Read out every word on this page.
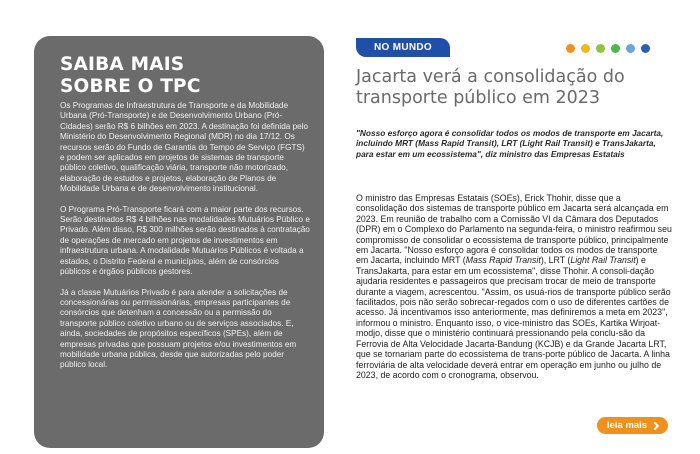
SAIBA MAIS
SOBRE O TPC

Os Programas de Infraestrutura de Transporte e da Mobilidade Urbana (Pró-Transporte) e de Desenvolvimento Urbano (Pró-Cidades) serão R$ 6 bilhões em 2023. A destinação foi definida pelo Ministério do Desenvolvimento Regional (MDR) no dia 17/12. Os recursos serão do Fundo de Garantia do Tempo de Serviço (FGTS) e podem ser aplicados em projetos de sistemas de transporte público coletivo, qualificação viária, transporte não motorizado, elaboração de estudos e projetos, elaboração de Planos de Mobilidade Urbana e de desenvolvimento institucional.

O Programa Pró-Transporte ficará com a maior parte dos recursos. Serão destinados R$ 4 bilhões nas modalidades Mutuários Público e Privado. Além disso, R$ 300 milhões serão destinados à contratação de operações de mercado em projetos de investimentos em infraestrutura urbana. A modalidade Mutuários Públicos é voltada a estados, o Distrito Federal e municípios, além de consórcios públicos e órgãos públicos gestores.

Já a classe Mutuários Privado é para atender a solicitações de concessionárias ou permissionárias, empresas participantes de consórcios que detenham a concessão ou a permissão do transporte público coletivo urbano ou de serviços associados. E, ainda, sociedades de propósitos específicos (SPEs), além de empresas privadas que possuam projetos e/ou investimentos em mobilidade urbana pública, desde que autorizadas pelo poder público local.

NO MUNDO
Jacarta verá a consolidação do
transporte público em 2023
"Nosso esforço agora é consolidar todos os modos de transporte em Jacarta, incluindo MRT (Mass Rapid Transit), LRT (Light Rail Transit) e TransJakarta, para estar em um ecossistema", diz ministro das Empresas Estatais
O ministro das Empresas Estatais (SOEs), Erick Thohir, disse que a consolidação dos sistemas de transporte público em Jacarta será alcançada em 2023. Em reunião de trabalho com a Comissão VI da Câmara dos Deputados (DPR) em o Complexo do Parlamento na segunda-feira, o ministro reafirmou seu compromisso de consolidar o ecossistema de transporte público, principalmente em Jacarta. "Nosso esforço agora é consolidar todos os modos de transporte em Jacarta, incluindo MRT (Mass Rapid Transit), LRT (Light Rail Transit) e TransJakarta, para estar em um ecossistema", disse Thohir. A consoli-dação ajudaria residentes e passageiros que precisam trocar de meio de transporte durante a viagem, acrescentou. "Assim, os usuá-rios de transporte público serão facilitados, pois não serão sobrecar-regados com o uso de diferentes cartões de acesso. Já incentivamos isso anteriormente, mas definiremos a meta em 2023", informou o ministro. Enquanto isso, o vice-ministro das SOEs, Kartika Wirjoat-modjo, disse que o ministério continuará pressionando pela conclu-são da Ferrovia de Alta Velocidade Jacarta-Bandung (KCJB) e da Grande Jacarta LRT, que se tornariam parte do ecossistema de trans-porte público de Jacarta. A linha ferroviária de alta velocidade deverá entrar em operação em junho ou julho de 2023, de acordo com o cronograma, observou.
leia mais
